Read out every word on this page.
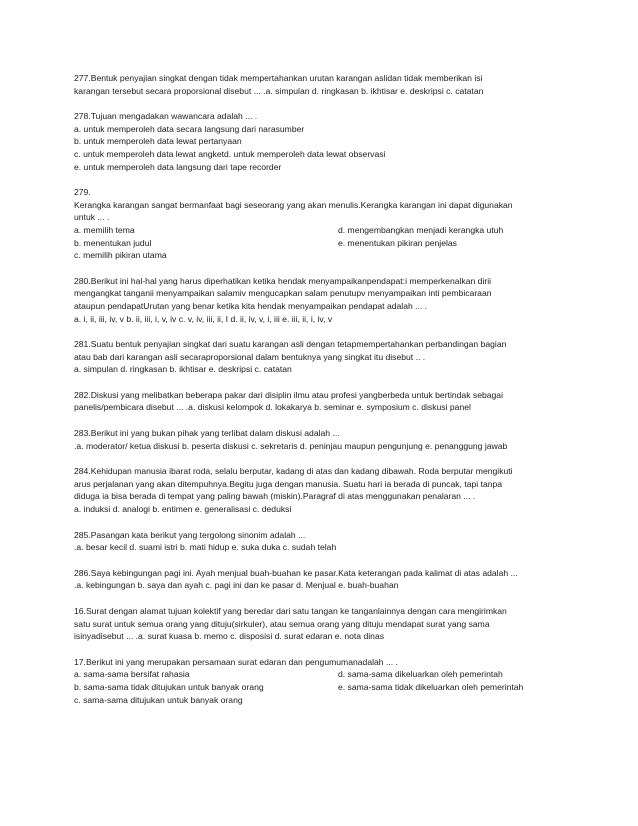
277.Bentuk penyajian singkat dengan tidak mempertahankan urutan karangan aslidan tidak memberikan isi
karangan tersebut secara proporsional disebut ... .a. simpulan d. ringkasan b. ikhtisar e. deskripsi c. catatan
278.Tujuan mengadakan wawancara adalah ... .
a. untuk memperoleh data secara langsung dari narasumber
b. untuk memperoleh data lewat pertanyaan
c. untuk memperoleh data lewat angketd. untuk memperoleh data lewat observasi
e. untuk memperoleh data langsung dari tape recorder
279.
Kerangka karangan sangat bermanfaat bagi seseorang yang akan menulis.Kerangka karangan ini dapat digunakan
untuk ... .
a. memilih tema	d. mengembangkan menjadi kerangka utuh
b. menentukan judul	e. menentukan pikiran penjelas
c. memilih pikiran utama
280.Berikut ini hal-hal yang harus diperhatikan ketika hendak menyampaikanpendapat:i memperkenalkan dirii
mengangkat tanganii menyampaikan salamiv mengucapkan salam penutupv menyampaikan inti pembicaraan
ataupun pendapatUrutan yang benar ketika kita hendak menyampaikan pendapat adalah ... .
a. i, ii, iii, iv, v b. ii, iii, i, v, iv c. v, iv, iii, ii, I d. ii, iv, v, i, iii e. iii, ii, i, iv, v
281.Suatu bentuk penyajian singkat dari suatu karangan asli dengan tetapmempertahankan perbandingan bagian
atau bab dari karangan asli secaraproporsional dalam bentuknya yang singkat itu disebut .. .
a. simpulan d. ringkasan b. ikhtisar e. deskripsi c. catatan
282.Diskusi yang melibatkan beberapa pakar dari disiplin ilmu atau profesi yangberbeda untuk bertindak sebagai
panelis/pembicara disebut ... .a. diskusi kelompok d. lokakarya b. seminar e. symposium c. diskusi panel
283.Berikut ini yang bukan pihak yang terlibat dalam diskusi adalah ...
.a. moderator/ ketua diskusi b. peserta diskusi c. sekretaris d. peninjau maupun pengunjung e. penanggung jawab
284.Kehidupan manusia ibarat roda, selalu berputar, kadang di atas dan kadang dibawah. Roda berputar mengikuti
arus perjalanan yang akan ditempuhnya.Begitu juga dengan manusia. Suatu hari ia berada di puncak, tapi tanpa
diduga ia bisa berada di tempat yang paling bawah (miskin).Paragraf di atas menggunakan penalaran ... .
a. induksi d. analogi b. entimen e. generalisasi c. deduksi
285.Pasangan kata berikut yang tergolong sinonim adalah ...
.a. besar kecil d. suami istri b. mati hidup e. suka duka c. sudah telah
286.Saya kebingungan pagi ini. Ayah menjual buah-buahan ke pasar.Kata keterangan pada kalimat di atas adalah ...
.a. kebingungan b. saya dan ayah c. pagi ini dan ke pasar d. Menjual e. buah-buahan
16.Surat dengan alamat tujuan kolektif yang beredar dari satu tangan ke tanganlainnya dengan cara mengirimkan
satu surat untuk semua orang yang dituju(sirkuler), atau semua orang yang dituju mendapat surat yang sama
isinyadisebut ... .a. surat kuasa b. memo c. disposisi d. surat edaran e. nota dinas
17.Berikut ini yang merupakan persamaan surat edaran dan pengumumanadalah ... .
a. sama-sama bersifat rahasia	d. sama-sama dikeluarkan oleh pemerintah
b. sama-sama tidak ditujukan untuk banyak orang	e. sama-sama tidak dikeluarkan oleh pemerintah
c. sama-sama ditujukan untuk banyak orang
